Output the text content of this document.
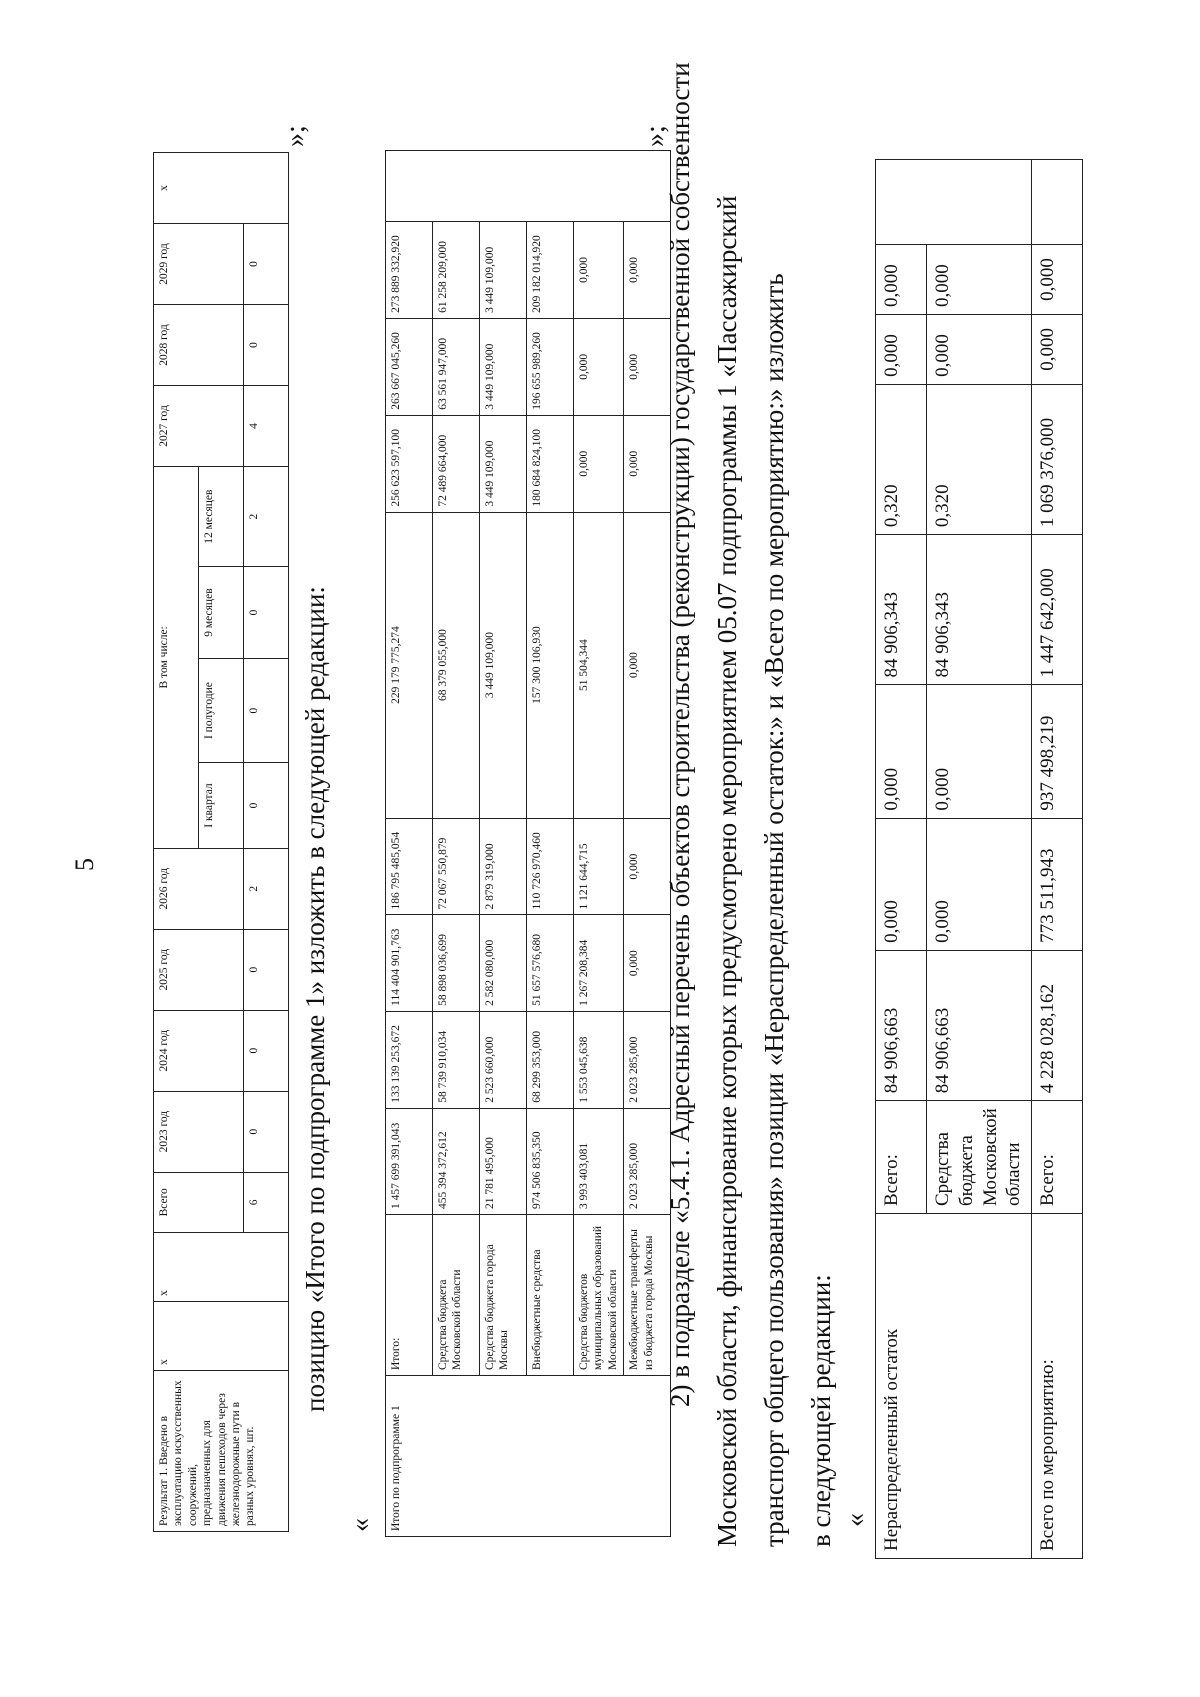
5
Результат 1. Введено в эксплуатацию искусственных сооружений, предназначенных для движения пешеходов через железнодорожные пути в разных уровнях, шт.	x	x	Всего	2023 год	2024 год	2025 год	2026 год	В том числе:				2027 год	2028 год	2029 год	x
								I квартал	I полугодие	9 месяцев	12 месяцев				
			6	0	0	0	2	0	0	0	2	4	0	0	
»;
позицию «Итого по подпрограмме 1» изложить в следующей редакции:
« Итого по подпрограмме 1	Итого:	1 457 699 391,043	133 139 253,672	114 404 901,763	186 795 485,054	229 179 775,274	256 623 597,100	263 667 045,260	273 889 332,920	
	Средства бюджета Московской области	455 394 372,612	58 739 910,034	58 898 036,699	72 067 550,879	68 379 055,000	72 489 664,000	63 561 947,000	61 258 209,000	
	Средства бюджета города Москвы	21 781 495,000	2 523 660,000	2 582 080,000	2 879 319,000	3 449 109,000	3 449 109,000	3 449 109,000	3 449 109,000	
	Внебюджетные средства	974 506 835,350	68 299 353,000	51 657 576,680	110 726 970,460	157 300 106,930	180 684 824,100	196 655 989,260	209 182 014,920	
	Средства бюджетов муниципальных образований Московской области	3 993 403,081	1 553 045,638	1 267 208,384	1 121 644,715	51 504,344	0,000	0,000	0,000	
	Межбюджетные трансферты из бюджета города Москвы	2 023 285,000	2 023 285,000	0,000	0,000	0,000	0,000	0,000	0,000	
»;
2) в подразделе «5.4.1. Адресный перечень объектов строительства (реконструкции) государственной собственности Московской области, финансирование которых предусмотрено мероприятием 05.07 подпрограммы 1 «Пассажирский транспорт общего пользования» позиции «Нераспределенный остаток:» и «Всего по мероприятию:» изложить в следующей редакции: « Нераспределенный остаток	Всего:	84 906,663	0,000	0,000	84 906,343	0,320	0,000	0,000	
	Средства бюджета Московской области	84 906,663	0,000	0,000	84 906,343	0,320	0,000	0,000	
Всего по мероприятию:	Всего:	4 228 028,162	773 511,943	937 498,219	1 447 642,000	1 069 376,000	0,000	0,000	
